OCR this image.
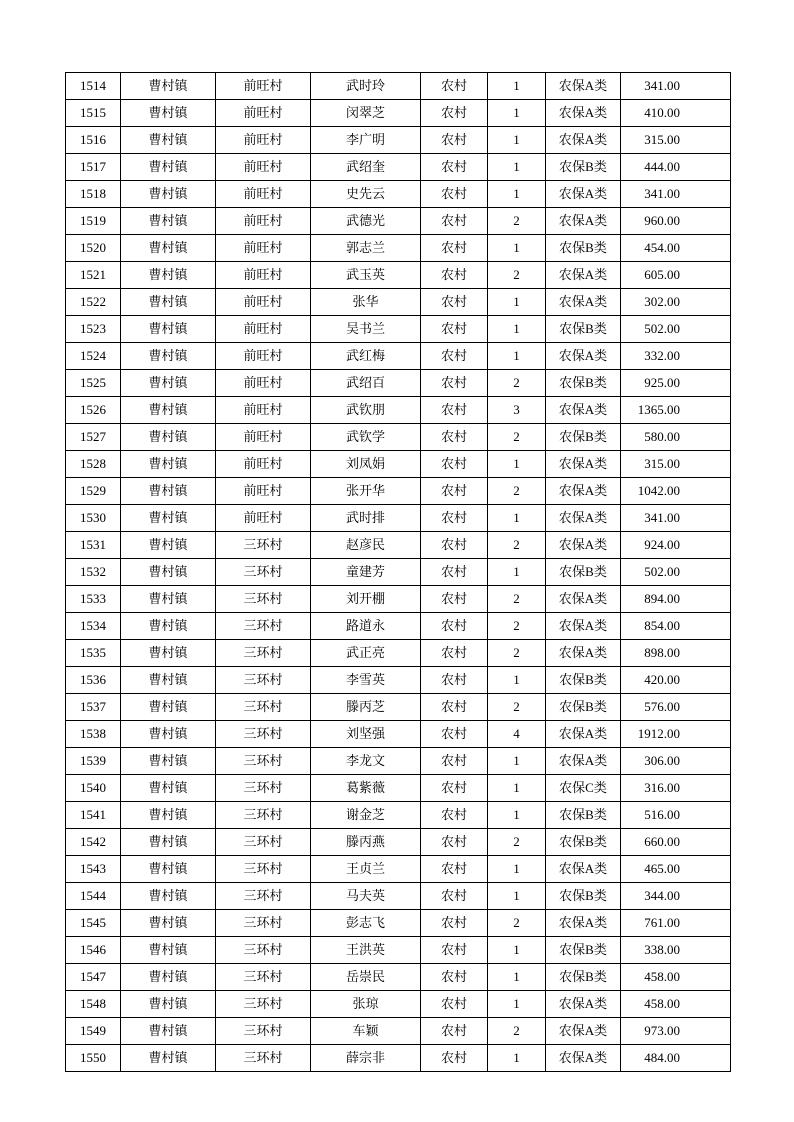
1514	曹村镇	前旺村	武时玲	农村	1	农保A类	341.00
1515	曹村镇	前旺村	闵翠芝	农村	1	农保A类	410.00
1516	曹村镇	前旺村	李广明	农村	1	农保A类	315.00
1517	曹村镇	前旺村	武绍奎	农村	1	农保B类	444.00
1518	曹村镇	前旺村	史先云	农村	1	农保A类	341.00
1519	曹村镇	前旺村	武德光	农村	2	农保A类	960.00
1520	曹村镇	前旺村	郭志兰	农村	1	农保B类	454.00
1521	曹村镇	前旺村	武玉英	农村	2	农保A类	605.00
1522	曹村镇	前旺村	张华	农村	1	农保A类	302.00
1523	曹村镇	前旺村	吴书兰	农村	1	农保B类	502.00
1524	曹村镇	前旺村	武红梅	农村	1	农保A类	332.00
1525	曹村镇	前旺村	武绍百	农村	2	农保B类	925.00
1526	曹村镇	前旺村	武钦朋	农村	3	农保A类	1365.00
1527	曹村镇	前旺村	武钦学	农村	2	农保B类	580.00
1528	曹村镇	前旺村	刘凤娟	农村	1	农保A类	315.00
1529	曹村镇	前旺村	张开华	农村	2	农保A类	1042.00
1530	曹村镇	前旺村	武时排	农村	1	农保A类	341.00
1531	曹村镇	三环村	赵彦民	农村	2	农保A类	924.00
1532	曹村镇	三环村	童建芳	农村	1	农保B类	502.00
1533	曹村镇	三环村	刘开棚	农村	2	农保A类	894.00
1534	曹村镇	三环村	路道永	农村	2	农保A类	854.00
1535	曹村镇	三环村	武正亮	农村	2	农保A类	898.00
1536	曹村镇	三环村	李雪英	农村	1	农保B类	420.00
1537	曹村镇	三环村	滕丙芝	农村	2	农保B类	576.00
1538	曹村镇	三环村	刘坚强	农村	4	农保A类	1912.00
1539	曹村镇	三环村	李龙文	农村	1	农保A类	306.00
1540	曹村镇	三环村	葛紫薇	农村	1	农保C类	316.00
1541	曹村镇	三环村	谢金芝	农村	1	农保B类	516.00
1542	曹村镇	三环村	滕丙燕	农村	2	农保B类	660.00
1543	曹村镇	三环村	王贞兰	农村	1	农保A类	465.00
1544	曹村镇	三环村	马夫英	农村	1	农保B类	344.00
1545	曹村镇	三环村	彭志飞	农村	2	农保A类	761.00
1546	曹村镇	三环村	王洪英	农村	1	农保B类	338.00
1547	曹村镇	三环村	岳崇民	农村	1	农保B类	458.00
1548	曹村镇	三环村	张琼	农村	1	农保A类	458.00
1549	曹村镇	三环村	车颖	农村	2	农保A类	973.00
1550	曹村镇	三环村	薛宗非	农村	1	农保A类	484.00
